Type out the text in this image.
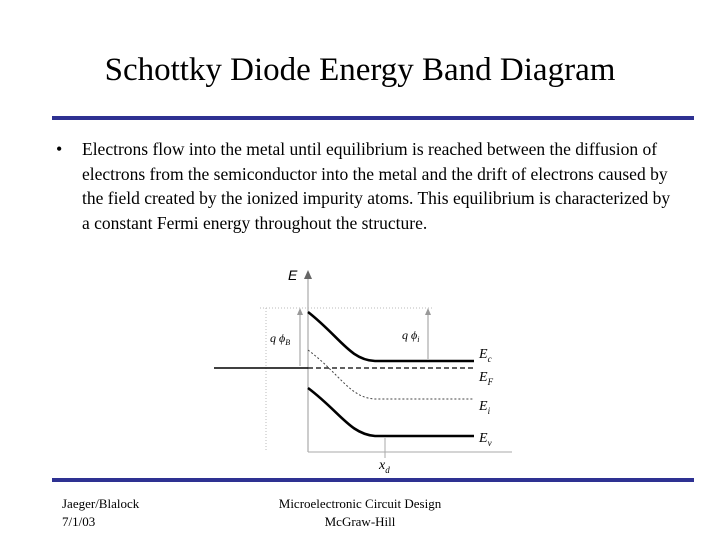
Schottky Diode Energy Band Diagram
• Electrons flow into the metal until equilibrium is reached between the diffusion of electrons from the semiconductor into the metal and the drift of electrons caused by the field created by the ionized impurity atoms. This equilibrium is characterized by a constant Fermi energy throughout the structure.
E
q $\phi_B$
q $\phi_i$
$E_c$
$E_F$
$E_i$
$E_v$
$x_d$
Jaeger/Blalock
7/1/03
Microelectronic Circuit Design
McGraw-Hill
